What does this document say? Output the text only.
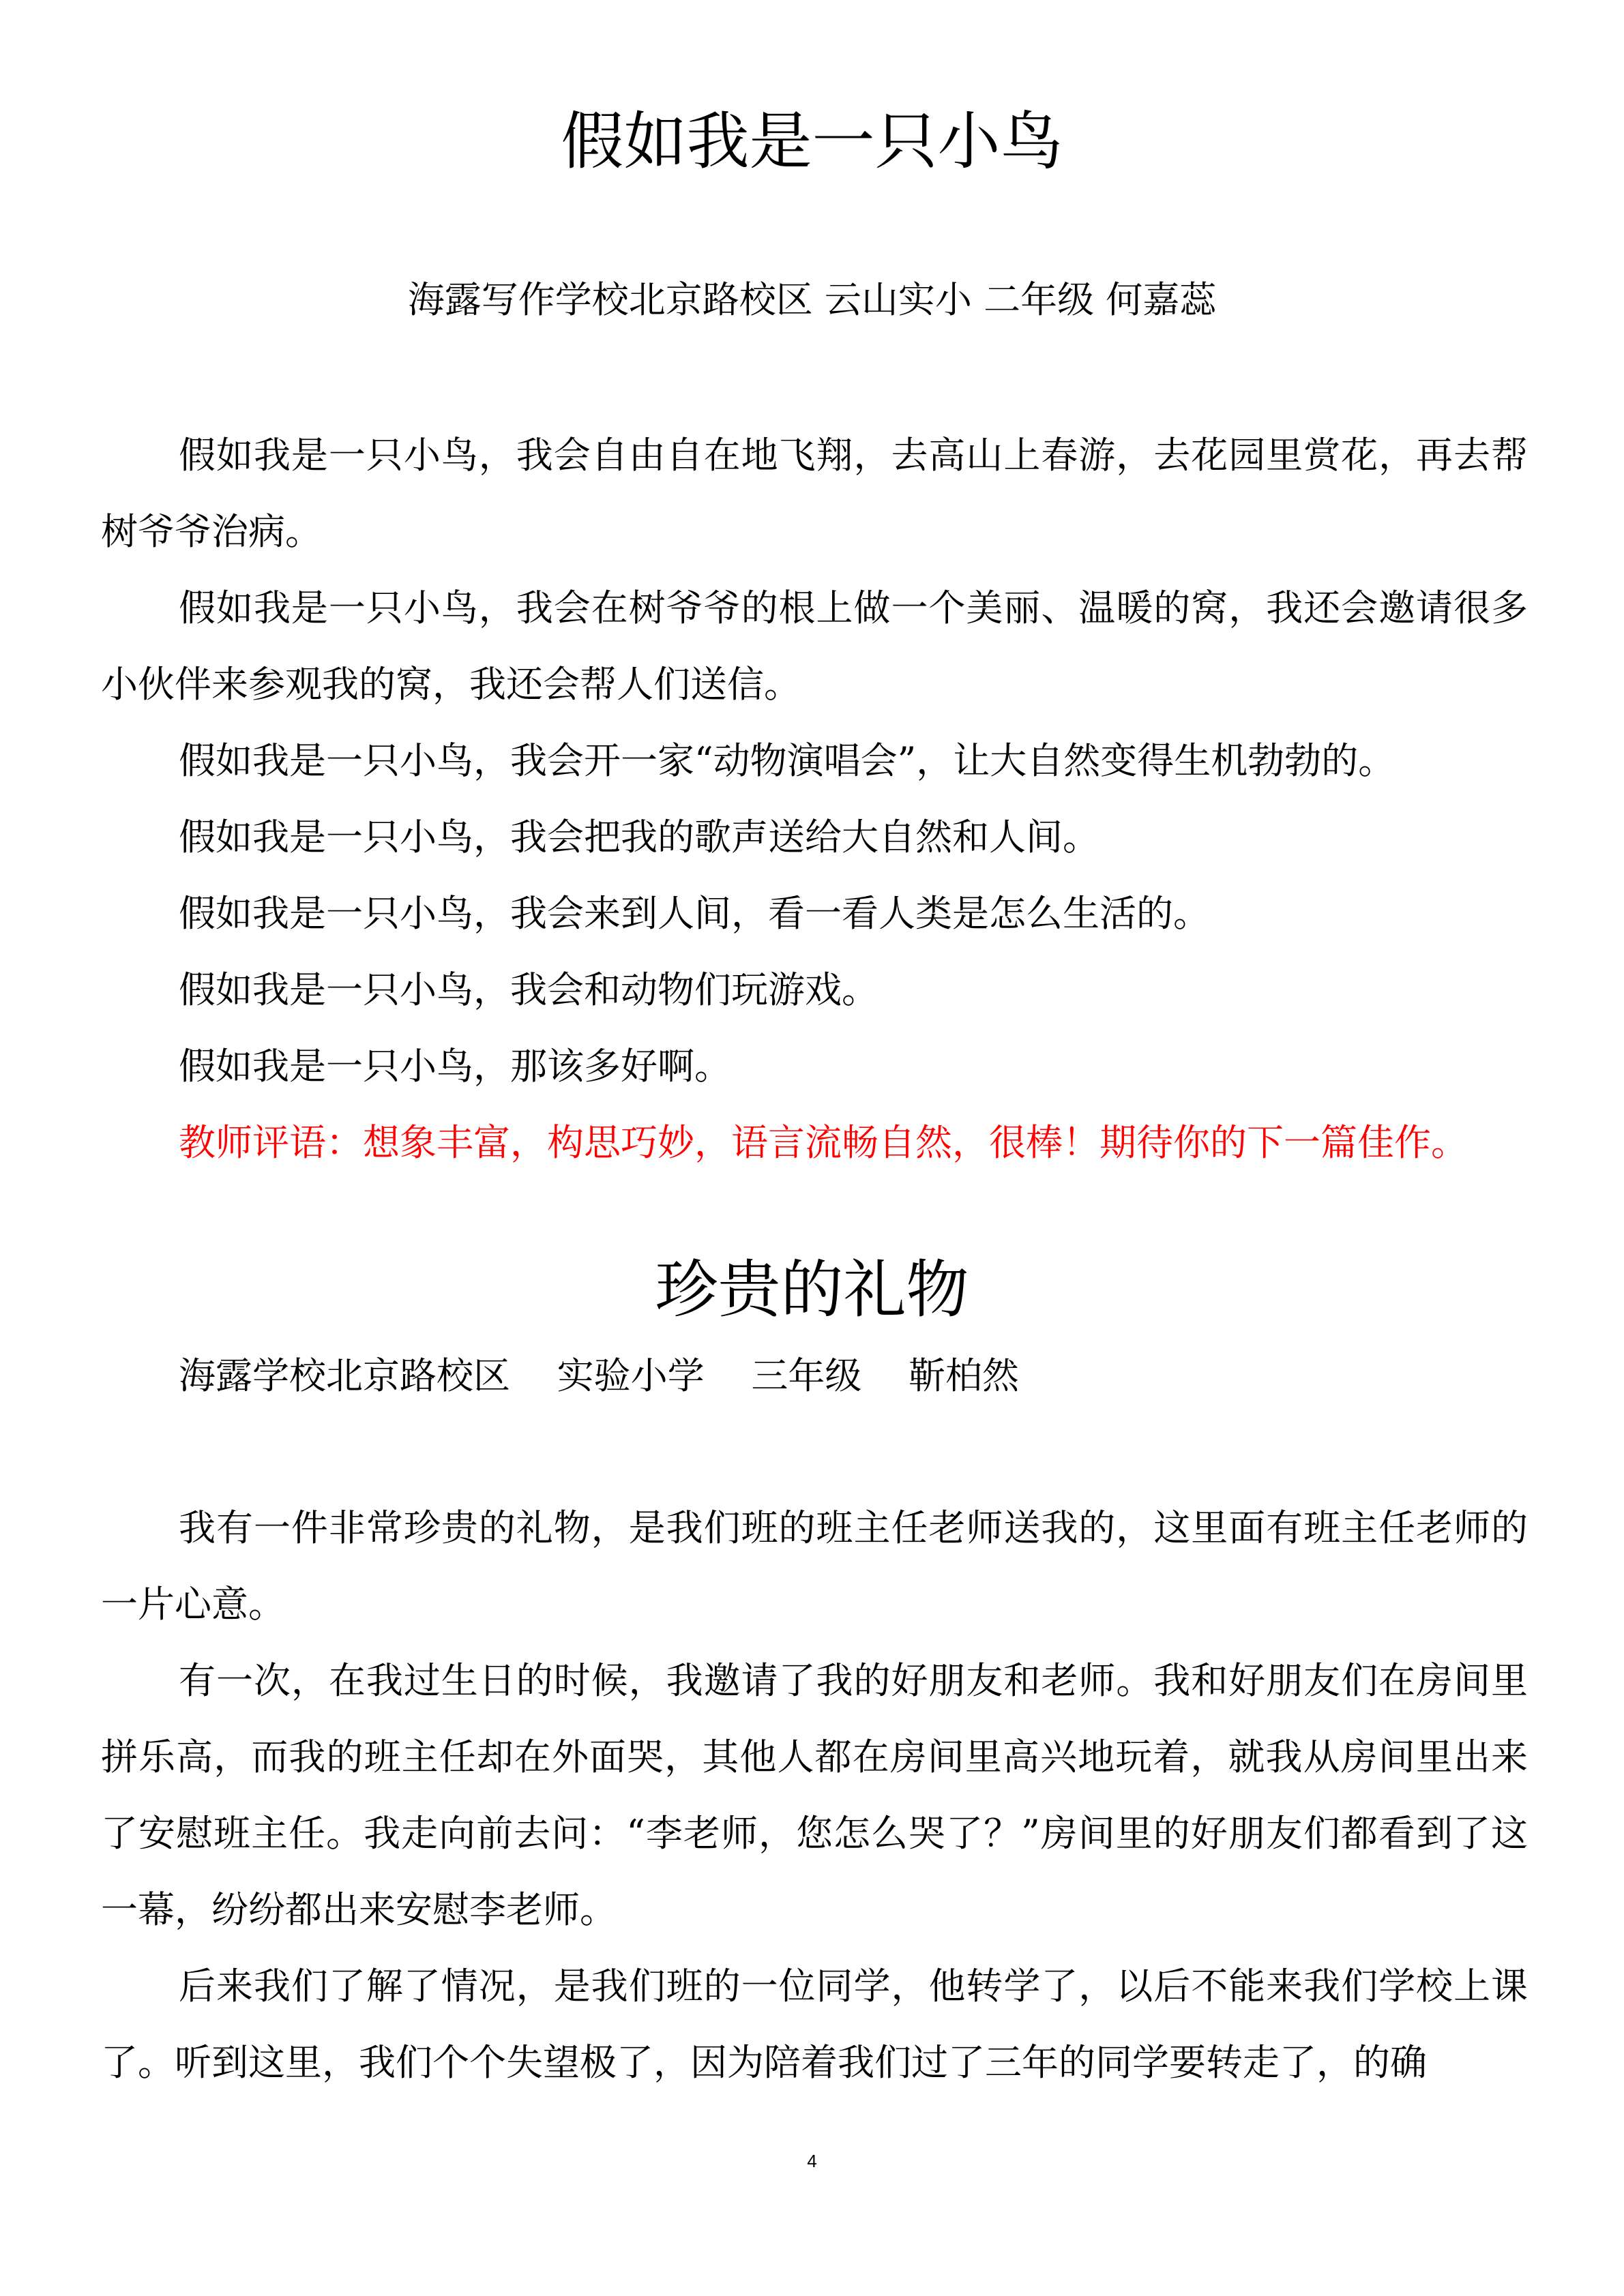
假如我是一只小鸟
海露写作学校北京路校区 云山实小 二年级 何嘉蕊

假如我是一只小鸟，我会自由自在地飞翔，去高山上春游，去花园里赏花，再去帮树爷爷治病。

假如我是一只小鸟，我会在树爷爷的根上做一个美丽、温暖的窝，我还会邀请很多小伙伴来参观我的窝，我还会帮人们送信。

假如我是一只小鸟，我会开一家“动物演唱会”，让大自然变得生机勃勃的。

假如我是一只小鸟，我会把我的歌声送给大自然和人间。

假如我是一只小鸟，我会来到人间，看一看人类是怎么生活的。

假如我是一只小鸟，我会和动物们玩游戏。

假如我是一只小鸟，那该多好啊。

教师评语：想象丰富，构思巧妙，语言流畅自然，很棒！期待你的下一篇佳作。

珍贵的礼物
海露学校北京路校区    实验小学    三年级    靳柏然

我有一件非常珍贵的礼物，是我们班的班主任老师送我的，这里面有班主任老师的一片心意。

有一次，在我过生日的时候，我邀请了我的好朋友和老师。我和好朋友们在房间里拼乐高，而我的班主任却在外面哭，其他人都在房间里高兴地玩着，就我从房间里出来了安慰班主任。我走向前去问：“李老师，您怎么哭了？”房间里的好朋友们都看到了这一幕，纷纷都出来安慰李老师。

后来我们了解了情况，是我们班的一位同学，他转学了，以后不能来我们学校上课了。听到这里，我们个个失望极了，因为陪着我们过了三年的同学要转走了，的确

4
